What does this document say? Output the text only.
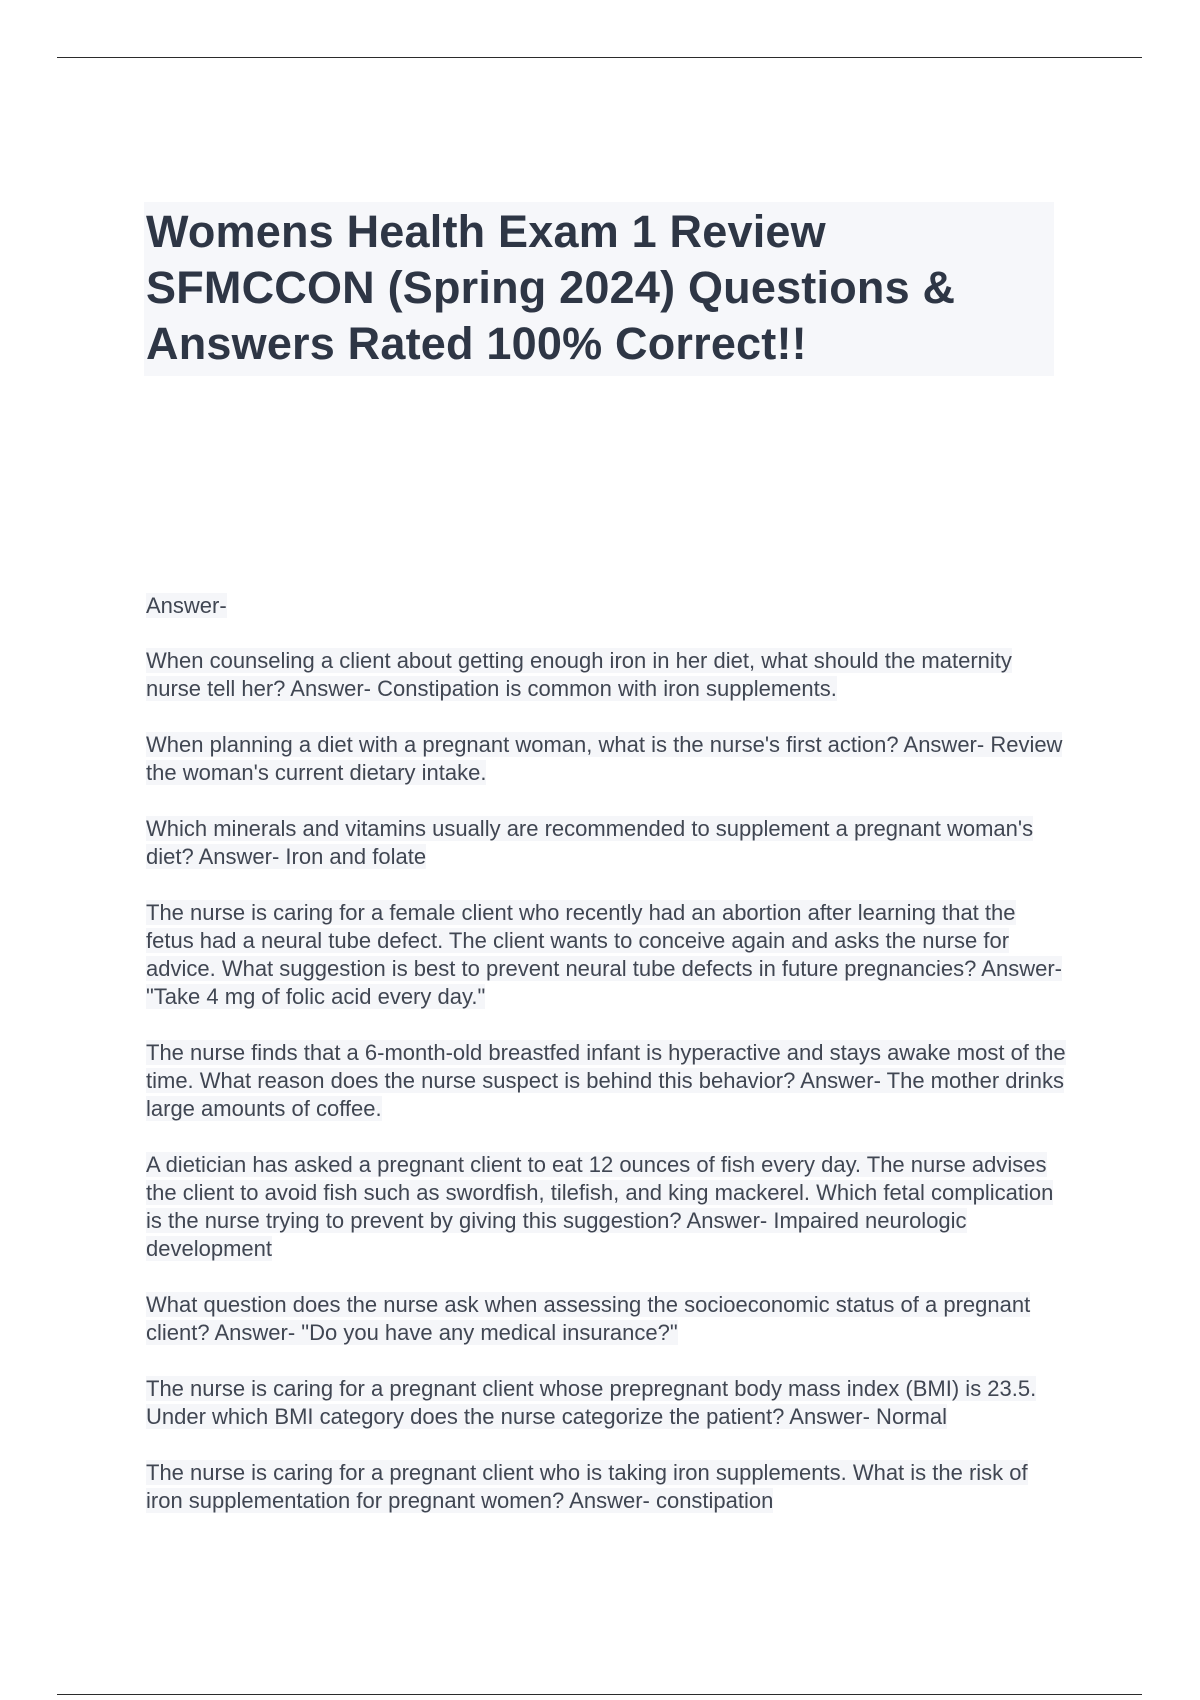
Womens Health Exam 1 Review
SFMCCON (Spring 2024) Questions &
Answers Rated 100% Correct!!

Answer-

When counseling a client about getting enough iron in her diet, what should the maternity nurse tell her? Answer- Constipation is common with iron supplements.

When planning a diet with a pregnant woman, what is the nurse's first action? Answer- Review the woman's current dietary intake.

Which minerals and vitamins usually are recommended to supplement a pregnant woman's diet? Answer- Iron and folate

The nurse is caring for a female client who recently had an abortion after learning that the fetus had a neural tube defect. The client wants to conceive again and asks the nurse for advice. What suggestion is best to prevent neural tube defects in future pregnancies? Answer- "Take 4 mg of folic acid every day."

The nurse finds that a 6-month-old breastfed infant is hyperactive and stays awake most of the time. What reason does the nurse suspect is behind this behavior? Answer- The mother drinks large amounts of coffee.

A dietician has asked a pregnant client to eat 12 ounces of fish every day. The nurse advises the client to avoid fish such as swordfish, tilefish, and king mackerel. Which fetal complication is the nurse trying to prevent by giving this suggestion? Answer- Impaired neurologic development

What question does the nurse ask when assessing the socioeconomic status of a pregnant client? Answer- "Do you have any medical insurance?"

The nurse is caring for a pregnant client whose prepregnant body mass index (BMI) is 23.5. Under which BMI category does the nurse categorize the patient? Answer- Normal

The nurse is caring for a pregnant client who is taking iron supplements. What is the risk of iron supplementation for pregnant women? Answer- constipation
